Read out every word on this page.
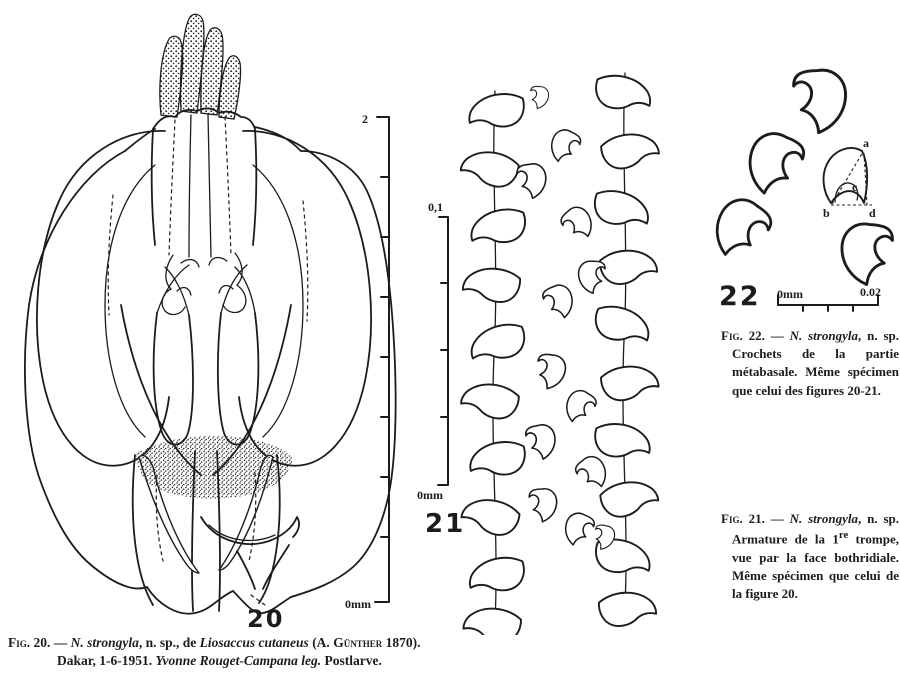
2
0mm
20
0,1
0mm
21
a
b
c
d
0mm	0.02
22
Fig. 22. — N. strongyla, n. sp. Crochets de la partie métabasale. Même spécimen que celui des figures 20-21.
Fig. 21. — N. strongyla, n. sp. Armature de la 1re trompe, vue par la face bothridiale. Même spécimen que celui de la figure 20.
Fig. 20. — N. strongyla, n. sp., de Liosaccus cutaneus (A. Günther 1870).
Dakar, 1-6-1951. Yvonne Rouget-Campana leg. Postlarve.
